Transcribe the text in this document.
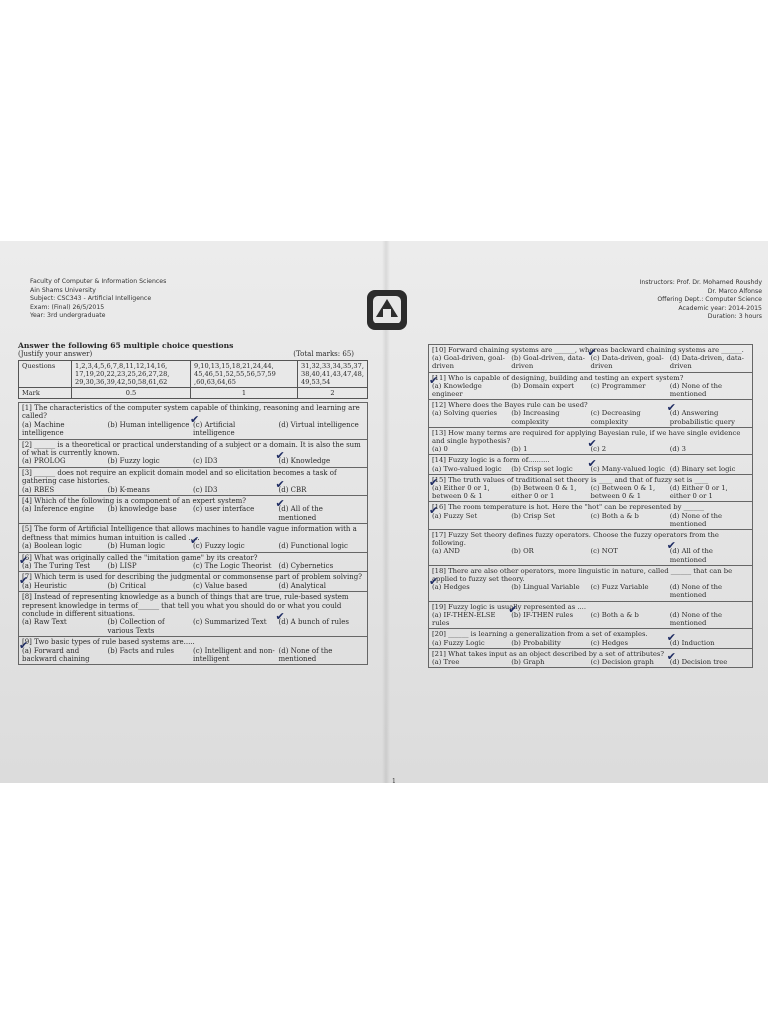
Faculty of Computer & Information Sciences
Ain Shams University
Subject: CSC343 - Artificial Intelligence
Exam: (Final) 26/5/2015
Year: 3rd undergraduate
Instructors: Prof. Dr. Mohamed Roushdy
Dr. Marco Alfonse
Offering Dept.: Computer Science
Academic year: 2014-2015
Duration: 3 hours
Answer the following 65 multiple choice questions
(Justify your answer)	(Total marks: 65)
Questions	1,2,3,4,5,6,7,8,11,12,14,16, 17,19,20,22,23,25,26,27,28, 29,30,36,39,42,50,58,61,62	9,10,13,15,18,21,24,44, 45,46,51,52,55,56,57,59 ,60,63,64,65	31,32,33,34,35,37, 38,40,41,43,47,48, 49,53,54
Mark	0.5	1	2
[1] The characteristics of the computer system capable of thinking, reasoning and learning are called?
(a) Machine intelligence
(b) Human intelligence ✔ (c) Artificial intelligence
(d) Virtual intelligence
[2] ______ is a theoretical or practical understanding of a subject or a domain. It is also the sum of what is currently known.
(a) PROLOG	(b) Fuzzy logic	(c) ID3	✔ (d) Knowledge
[3] ______ does not require an explicit domain model and so elicitation becomes a task of gathering case histories.
(a) RBES	(b) K-means	(c) ID3	✔ (d) CBR
[4] Which of the following is a component of an expert system?
(a) Inference engine	(b) knowledge base	(c) user interface	✔ (d) All of the mentioned
[5] The form of Artificial Intelligence that allows machines to handle vague information with a deftness that mimics human intuition is called .....
(a) Boolean logic	(b) Human logic	✔ (c) Fuzzy logic	(d) Functional logic
[6] What was originally called the "imitation game" by its creator?
✔ (a) The Turing Test	(b) LISP	(c) The Logic Theorist	(d) Cybernetics
[7] Which term is used for describing the judgmental or commonsense part of problem solving?
✔ (a) Heuristic	(b) Critical	(c) Value based	(d) Analytical
[8] Instead of representing knowledge as a bunch of things that are true, rule-based system represent knowledge in terms of______ that tell you what you should do or what you could conclude in different situations.
(a) Raw Text	(b) Collection of various Texts
(c) Summarized Text	✔ (d) A bunch of rules
[9] Two basic types of rule based systems are.....
✔ (a) Forward and backward chaining
(b) Facts and rules	(c) Intelligent and non-intelligent
(d) None of the mentioned
[10] Forward chaining systems are ______, whereas backward chaining systems are ______.
(a) Goal-driven, goal-driven
(b) Goal-driven, data-driven
✔ (c) Data-driven, goal-driven
(d) Data-driven, data-driven
[11] Who is capable of designing, building and testing an expert system?
✔ (a) Knowledge engineer
(b) Domain expert	(c) Programmer	(d) None of the mentioned
[12] Where does the Bayes rule can be used?
(a) Solving queries	(b) Increasing complexity
(c) Decreasing complexity
✔ (d) Answering probabilistic query
[13] How many terms are required for applying Bayesian rule, if we have single evidence and single hypothesis?
(a) 0	(b) 1	✔ (c) 2	(d) 3
[14] Fuzzy logic is a form of..........
(a) Two-valued logic	(b) Crisp set logic	✔ (c) Many-valued logic (d) Binary set logic
[15] The truth values of traditional set theory is ____ and that of fuzzy set is ____
✔ (a) Either 0 or 1, between 0 & 1
(b) Between 0 & 1, either 0 or 1
(c) Between 0 & 1, between 0 & 1
(d) Either 0 or 1, either 0 or 1
[16] The room temperature is hot. Here the "hot" can be represented by ______
✔ (a) Fuzzy Set	(b) Crisp Set	(c) Both a & b	(d) None of the mentioned
[17] Fuzzy Set theory defines fuzzy operators. Choose the fuzzy operators from the following.
(a) AND	(b) OR	(c) NOT	✔ (d) All of the mentioned
[18] There are also other operators, more linguistic in nature, called ______ that can be applied to fuzzy set theory.
✔ (a) Hedges	(b) Lingual Variable	(c) Fuzz Variable	(d) None of the mentioned
[19] Fuzzy logic is usually represented as ....
(a) IF-THEN-ELSE rules
✔ (b) IF-THEN rules	(c) Both a & b	(d) None of the mentioned
[20] ______ is learning a generalization from a set of examples.
(a) Fuzzy Logic	(b) Probability	(c) Hedges	✔ (d) Induction
[21] What takes input as an object described by a set of attributes?
(a) Tree	(b) Graph	(c) Decision graph	✔ (d) Decision tree
1
